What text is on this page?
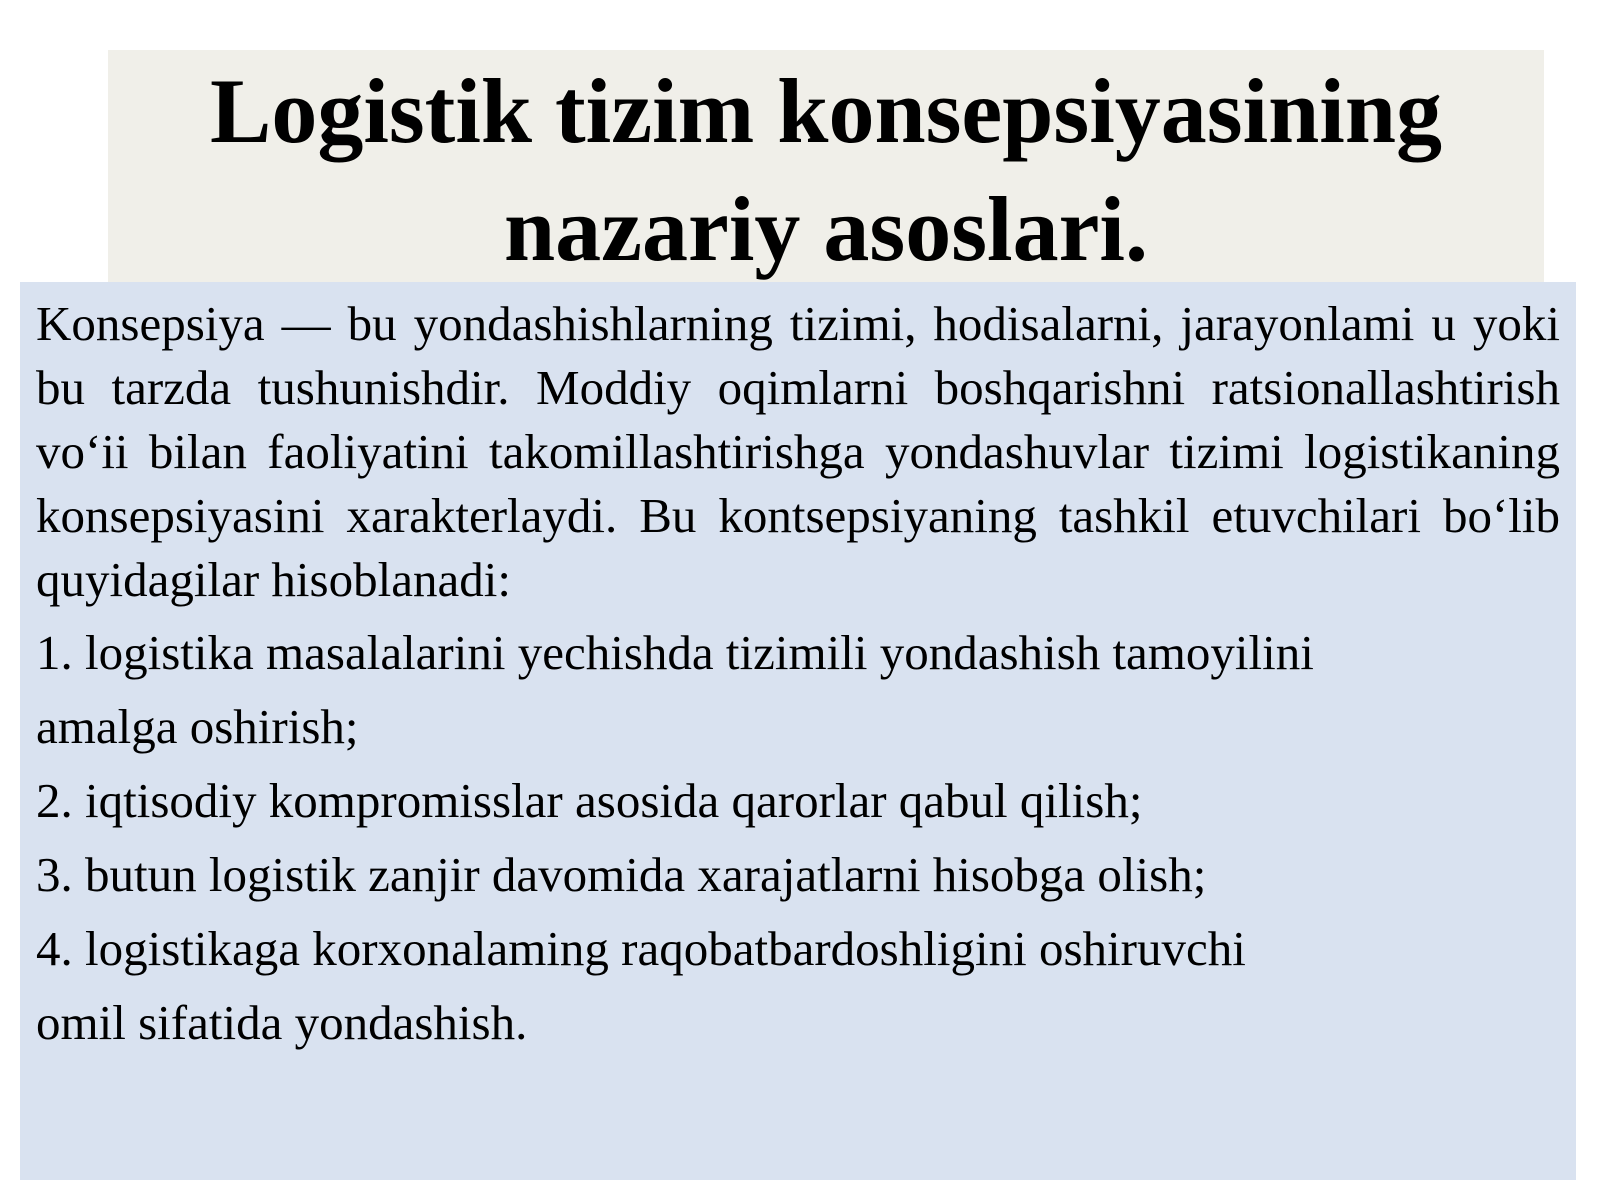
Logistik tizim konsepsiyasining
nazariy asoslari.

Konsepsiya — bu yondashishlarning tizimi, hodisalarni, jarayonlami u yoki bu tarzda tushunishdir. Moddiy oqimlarni boshqarishni ratsionallashtirish vo‘ii bilan faoliyatini takomillashtirishga yondashuvlar tizimi logistikaning konsepsiyasini xarakterlaydi. Bu kontsepsiyaning tashkil etuvchilari bo‘lib quyidagilar hisoblanadi:

1. logistika masalalarini yechishda tizimili yondashish tamoyilini
amalga oshirish;
2. iqtisodiy kompromisslar asosida qarorlar qabul qilish;
3. butun logistik zanjir davomida xarajatlarni hisobga olish;
4. logistikaga korxonalaming raqobatbardoshligini oshiruvchi
omil sifatida yondashish.
